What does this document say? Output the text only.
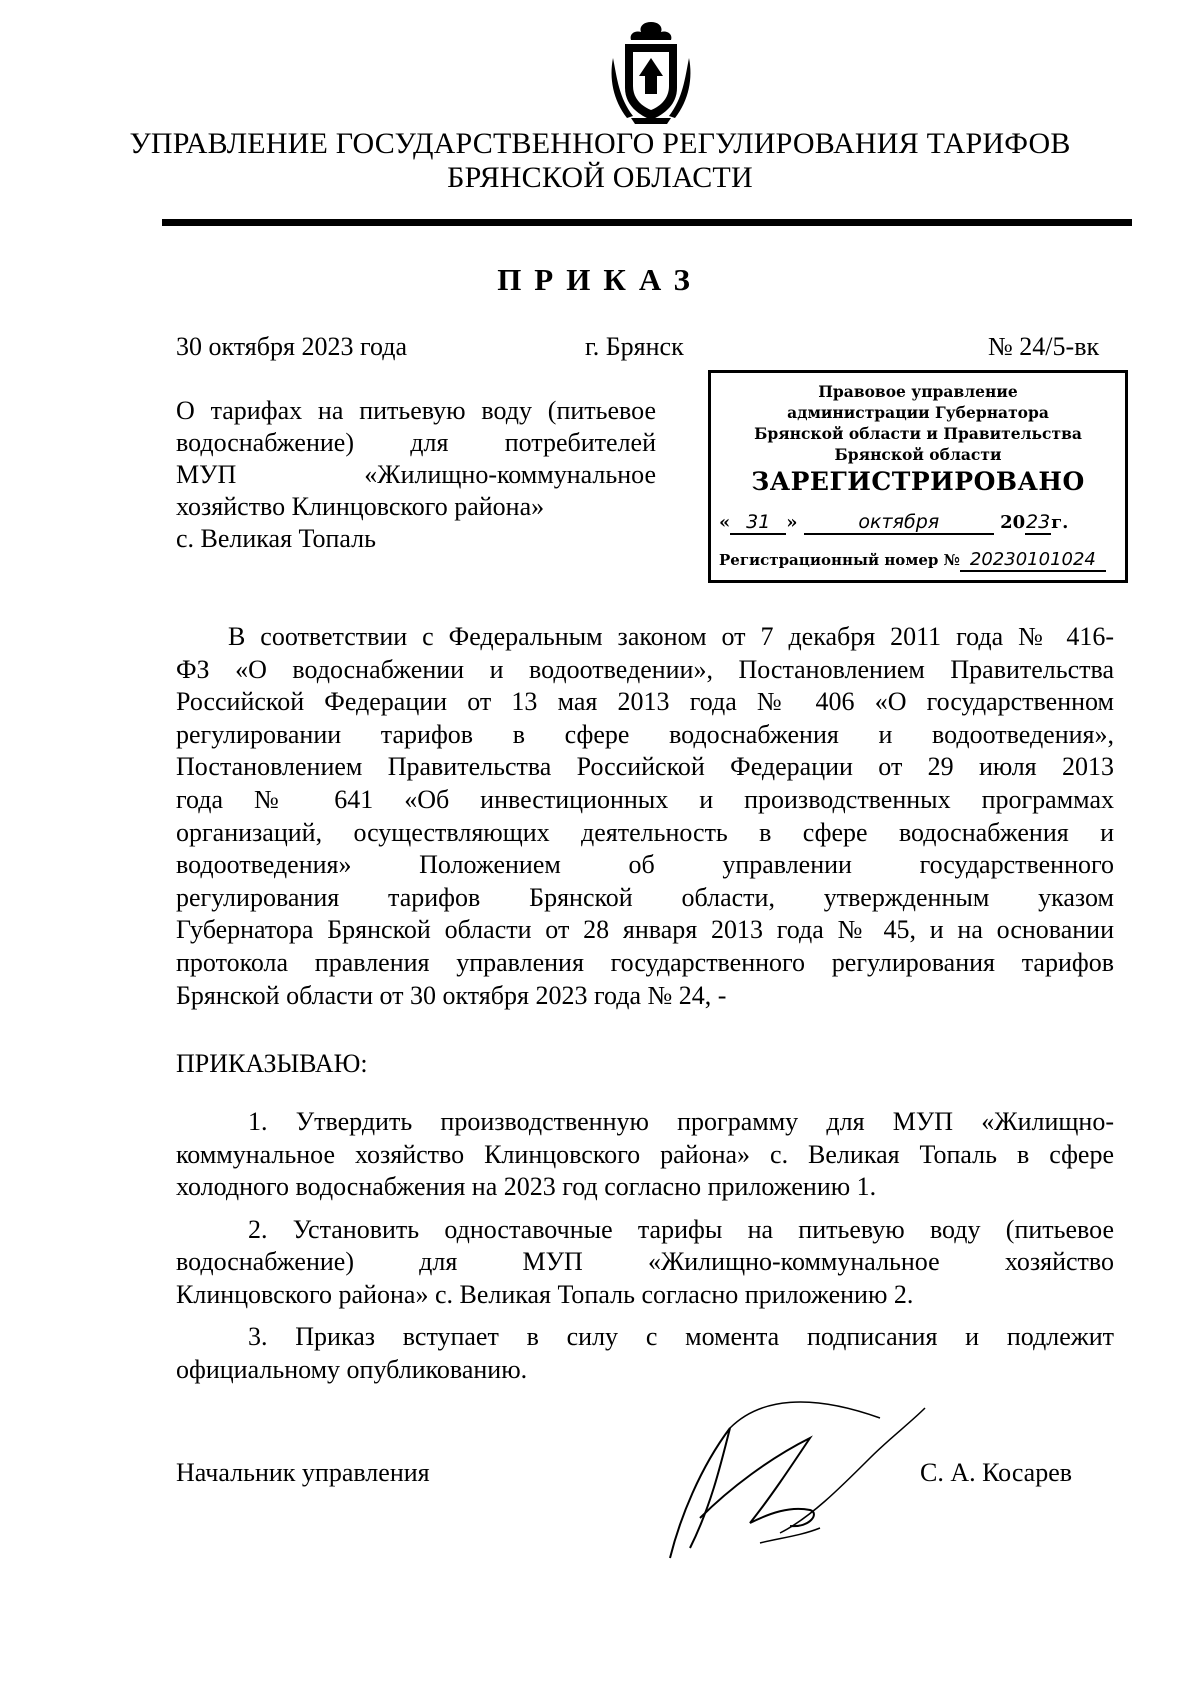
УПРАВЛЕНИЕ ГОСУДАРСТВЕННОГО РЕГУЛИРОВАНИЯ ТАРИФОВ
БРЯНСКОЙ ОБЛАСТИ
ПРИКАЗ
30 октября 2023 года	г. Брянск	№ 24/5-вк
О тарифах на питьевую воду (питьевое
водоснабжение) для потребителей
МУП «Жилищно-коммунальное
хозяйство Клинцовского района»
с. Великая Топаль
Правовое управление
администрации Губернатора
Брянской области и Правительства
Брянской области
ЗАРЕГИСТРИРОВАНО
« 31 »	октября	2023г.
Регистрационный номер № 20230101024

В соответствии с Федеральным законом от 7 декабря 2011 года № 416-

ФЗ «О водоснабжении и водоотведении», Постановлением Правительства

Российской Федерации от 13 мая 2013 года № 406 «О государственном

регулировании тарифов в сфере водоснабжения и водоотведения»,

Постановлением Правительства Российской Федерации от 29 июля 2013

года № 641 «Об инвестиционных и производственных программах

организаций, осуществляющих деятельность в сфере водоснабжения и

водоотведения» Положением об управлении государственного

регулирования тарифов Брянской области, утвержденным указом

Губернатора Брянской области от 28 января 2013 года № 45, и на основании

протокола правления управления государственного регулирования тарифов

Брянской области от 30 октября 2023 года № 24, -

ПРИКАЗЫВАЮ:

1. Утвердить производственную программу для МУП «Жилищно-
коммунальное хозяйство Клинцовского района» с. Великая Топаль в сфере
холодного водоснабжения на 2023 год согласно приложению 1.

2. Установить одноставочные тарифы на питьевую воду (питьевое
водоснабжение) для МУП «Жилищно-коммунальное хозяйство
Клинцовского района» с. Великая Топаль согласно приложению 2.

3. Приказ вступает в силу с момента подписания и подлежит
официальному опубликованию.

Начальник управления	С. А. Косарев
